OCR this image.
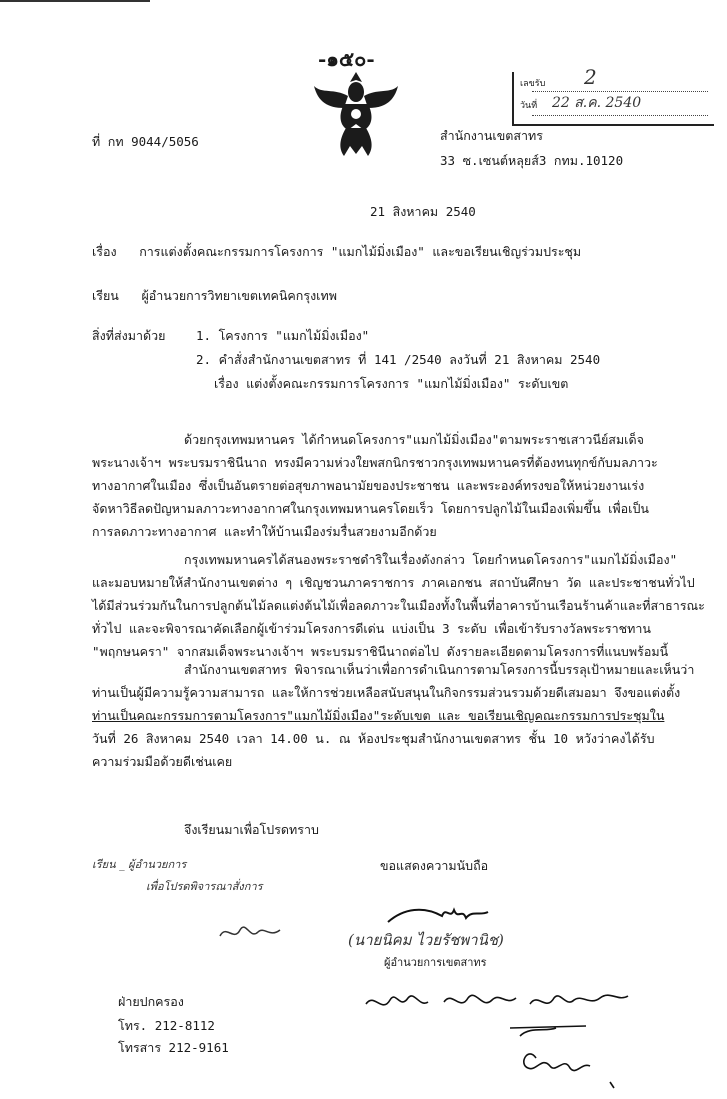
-๑๕๐-
เลขรับ 2
วันที่ 22 ส.ค. 2540
ที่ กท 9044/5056	สำนักงานเขตสาทร
33 ซ.เซนต์หลุยส์3 กทม.10120
21 สิงหาคม 2540
เรื่อง การแต่งตั้งคณะกรรมการโครงการ "แมกไม้มิ่งเมือง" และขอเรียนเชิญร่วมประชุม
เรียน ผู้อำนวยการวิทยาเขตเทคนิคกรุงเทพ
สิ่งที่ส่งมาด้วย 1. โครงการ "แมกไม้มิ่งเมือง"
2. คำสั่งสำนักงานเขตสาทร ที่ 141 /2540 ลงวันที่ 21 สิงหาคม 2540
เรื่อง แต่งตั้งคณะกรรมการโครงการ "แมกไม้มิ่งเมือง" ระดับเขต

ด้วยกรุงเทพมหานคร ได้กำหนดโครงการ"แมกไม้มิ่งเมือง"ตามพระราชเสาวนีย์สมเด็จ

พระนางเจ้าฯ พระบรมราชินีนาถ ทรงมีความห่วงใยพสกนิกรชาวกรุงเทพมหานครที่ต้องทนทุกข์กับมลภาวะ

ทางอากาศในเมือง ซึ่งเป็นอันตรายต่อสุขภาพอนามัยของประชาชน และพระองค์ทรงขอให้หน่วยงานเร่ง

จัดหาวิธีลดปัญหามลภาวะทางอากาศในกรุงเทพมหานครโดยเร็ว โดยการปลูกไม้ในเมืองเพิ่มขึ้น เพื่อเป็น

การลดภาวะทางอากาศ และทำให้บ้านเมืองร่มรื่นสวยงามอีกด้วย

กรุงเทพมหานครได้สนองพระราชดำริในเรื่องดังกล่าว โดยกำหนดโครงการ"แมกไม้มิ่งเมือง"

และมอบหมายให้สำนักงานเขตต่าง ๆ เชิญชวนภาคราชการ ภาคเอกชน สถาบันศึกษา วัด และประชาชนทั่วไป

ได้มีส่วนร่วมกันในการปลูกต้นไม้ลดแต่งต้นไม้เพื่อลดภาวะในเมืองทั้งในพื้นที่อาคารบ้านเรือนร้านค้าและที่สาธารณะ

ทั่วไป และจะพิจารณาคัดเลือกผู้เข้าร่วมโครงการดีเด่น แบ่งเป็น 3 ระดับ เพื่อเข้ารับรางวัลพระราชทาน

"พฤกษนครา" จากสมเด็จพระนางเจ้าฯ พระบรมราชินีนาถต่อไป ดังรายละเอียดตามโครงการที่แนบพร้อมนี้

สำนักงานเขตสาทร พิจารณาเห็นว่าเพื่อการดำเนินการตามโครงการนี้บรรลุเป้าหมายและเห็นว่า

ท่านเป็นผู้มีความรู้ความสามารถ และให้การช่วยเหลือสนับสนุนในกิจกรรมส่วนรวมด้วยดีเสมอมา จึงขอแต่งตั้ง

ท่านเป็นคณะกรรมการตามโครงการ"แมกไม้มิ่งเมือง"ระดับเขต และ ขอเรียนเชิญคณะกรรมการประชุมใน

วันที่ 26 สิงหาคม 2540 เวลา 14.00 น. ณ ห้องประชุมสำนักงานเขตสาทร ชั้น 10 หวังว่าคงได้รับ

ความร่วมมือด้วยดีเช่นเคย

จึงเรียนมาเพื่อโปรดทราบ
เรียน _ ผู้อำนวยการ
เพื่อโปรดพิจารณาสั่งการ
ขอแสดงความนับถือ
(นายนิคม ไวยรัชพานิช)
ผู้อำนวยการเขตสาทร
ฝ่ายปกครอง
โทร. 212-8112
โทรสาร 212-9161
